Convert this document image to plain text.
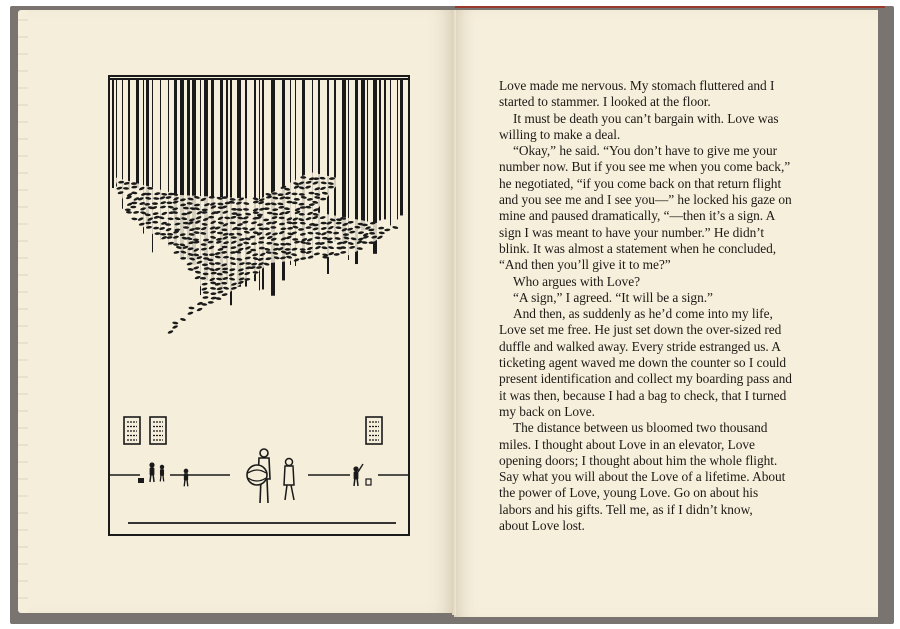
Love made me nervous. My stomach fluttered and I
started to stammer. I looked at the floor.
It must be death you can’t bargain with. Love was
willing to make a deal.
“Okay,” he said. “You don’t have to give me your
number now. But if you see me when you come back,”
he negotiated, “if you come back on that return flight
and you see me and I see you—” he locked his gaze on
mine and paused dramatically, “—then it’s a sign. A
sign I was meant to have your number.” He didn’t
blink. It was almost a statement when he concluded,
“And then you’ll give it to me?”
Who argues with Love?
“A sign,” I agreed. “It will be a sign.”
And then, as suddenly as he’d come into my life,
Love set me free. He just set down the over-sized red
duffle and walked away. Every stride estranged us. A
ticketing agent waved me down the counter so I could
present identification and collect my boarding pass and
it was then, because I had a bag to check, that I turned
my back on Love.
The distance between us bloomed two thousand
miles. I thought about Love in an elevator, Love
opening doors; I thought about him the whole flight.
Say what you will about the Love of a lifetime. About
the power of Love, young Love. Go on about his
labors and his gifts. Tell me, as if I didn’t know,
about Love lost.
